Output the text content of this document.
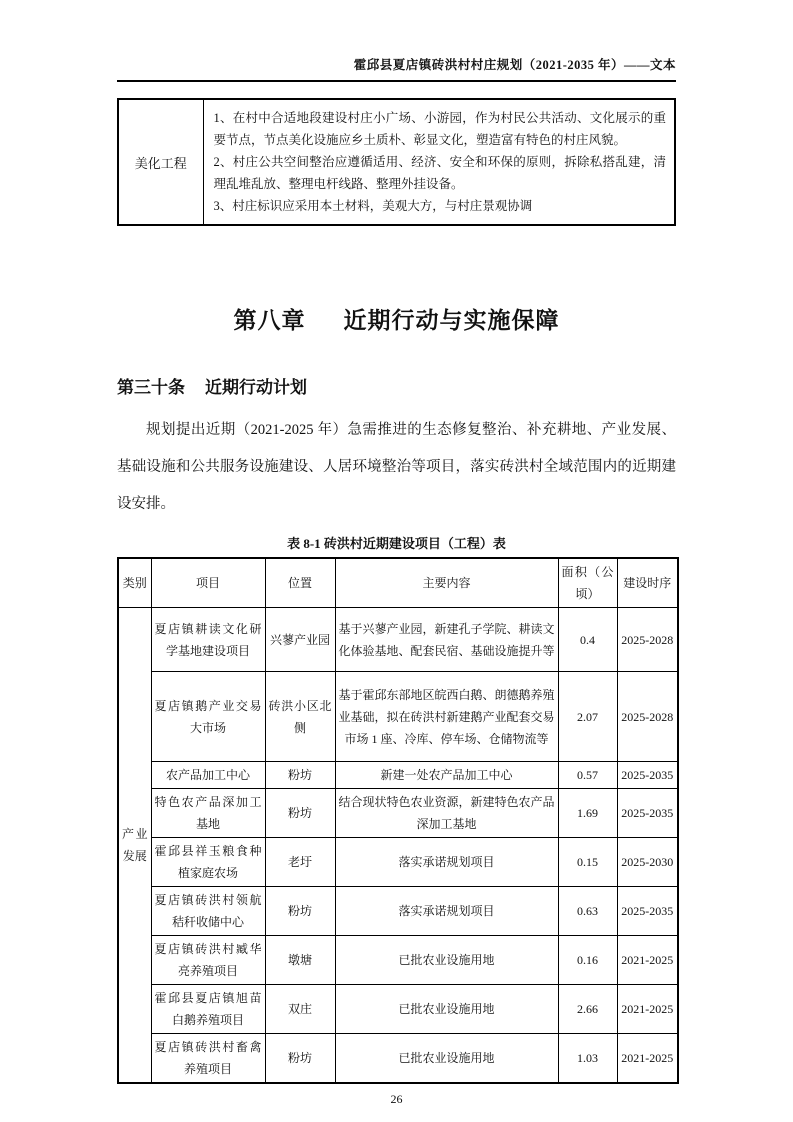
霍邱县夏店镇砖洪村村庄规划（2021-2035 年）——文本
美化工程	

1、在村中合适地段建设村庄小广场、小游园，作为村民公共活动、文化展示的重要节点，节点美化设施应乡土质朴、彰显文化，塑造富有特色的村庄风貌。

2、村庄公共空间整治应遵循适用、经济、安全和环保的原则，拆除私搭乱建，清理乱堆乱放、整理电杆线路、整理外挂设备。

3、村庄标识应采用本土材料，美观大方，与村庄景观协调

第八章 近期行动与实施保障
第三十条 近期行动计划

规划提出近期（2021-2025 年）急需推进的生态修复整治、补充耕地、产业发展、基础设施和公共服务设施建设、人居环境整治等项目，落实砖洪村全域范围内的近期建设安排。

表 8-1 砖洪村近期建设项目（工程）表
类别	项目	位置	主要内容	面积（公顷）	建设时序
产业发展	夏店镇耕读文化研学基地建设项目	兴蓼产业园	基于兴蓼产业园，新建孔子学院、耕读文化体验基地、配套民宿、基础设施提升等	0.4	2025-2028
	夏店镇鹅产业交易大市场	砖洪小区北侧	基于霍邱东部地区皖西白鹅、朗德鹅养殖业基础，拟在砖洪村新建鹅产业配套交易市场 1 座、冷库、停车场、仓储物流等	2.07	2025-2028
	农产品加工中心	粉坊	新建一处农产品加工中心	0.57	2025-2035
	特色农产品深加工基地	粉坊	结合现状特色农业资源，新建特色农产品深加工基地	1.69	2025-2035
	霍邱县祥玉粮食种植家庭农场	老圩	落实承诺规划项目	0.15	2025-2030
	夏店镇砖洪村领航秸秆收储中心	粉坊	落实承诺规划项目	0.63	2025-2035
	夏店镇砖洪村臧华亮养殖项目	墩塘	已批农业设施用地	0.16	2021-2025
	霍邱县夏店镇旭苗白鹅养殖项目	双庄	已批农业设施用地	2.66	2021-2025
	夏店镇砖洪村畜禽养殖项目	粉坊	已批农业设施用地	1.03	2021-2025
26
